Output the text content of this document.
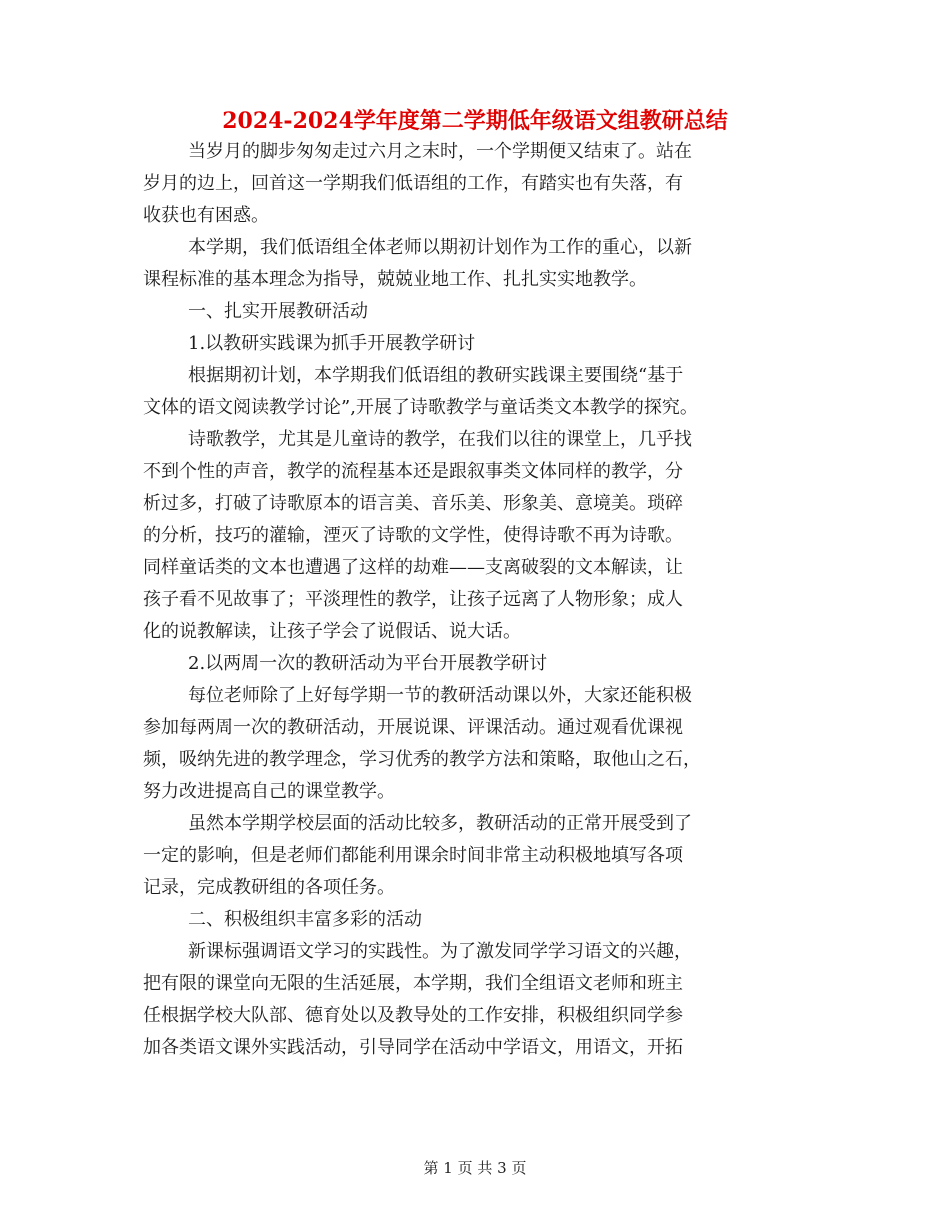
2024-2024学年度第二学期低年级语文组教研总结
当岁月的脚步匆匆走过六月之末时，一个学期便又结束了。站在
岁月的边上，回首这一学期我们低语组的工作，有踏实也有失落，有
收获也有困惑。
本学期，我们低语组全体老师以期初计划作为工作的重心，以新
课程标准的基本理念为指导，兢兢业地工作、扎扎实实地教学。
一、扎实开展教研活动
1.以教研实践课为抓手开展教学研讨
根据期初计划，本学期我们低语组的教研实践课主要围绕“基于
文体的语文阅读教学讨论”,开展了诗歌教学与童话类文本教学的探究。
诗歌教学，尤其是儿童诗的教学，在我们以往的课堂上，几乎找
不到个性的声音，教学的流程基本还是跟叙事类文体同样的教学，分
析过多，打破了诗歌原本的语言美、音乐美、形象美、意境美。琐碎
的分析，技巧的灌输，湮灭了诗歌的文学性，使得诗歌不再为诗歌。
同样童话类的文本也遭遇了这样的劫难——支离破裂的文本解读，让
孩子看不见故事了；平淡理性的教学，让孩子远离了人物形象；成人
化的说教解读，让孩子学会了说假话、说大话。
2.以两周一次的教研活动为平台开展教学研讨
每位老师除了上好每学期一节的教研活动课以外，大家还能积极
参加每两周一次的教研活动，开展说课、评课活动。通过观看优课视
频，吸纳先进的教学理念，学习优秀的教学方法和策略，取他山之石，
努力改进提高自己的课堂教学。
虽然本学期学校层面的活动比较多，教研活动的正常开展受到了
一定的影响，但是老师们都能利用课余时间非常主动积极地填写各项
记录，完成教研组的各项任务。
二、积极组织丰富多彩的活动
新课标强调语文学习的实践性。为了激发同学学习语文的兴趣，
把有限的课堂向无限的生活延展，本学期，我们全组语文老师和班主
任根据学校大队部、德育处以及教导处的工作安排，积极组织同学参
加各类语文课外实践活动，引导同学在活动中学语文，用语文，开拓
第 1 页 共 3 页
